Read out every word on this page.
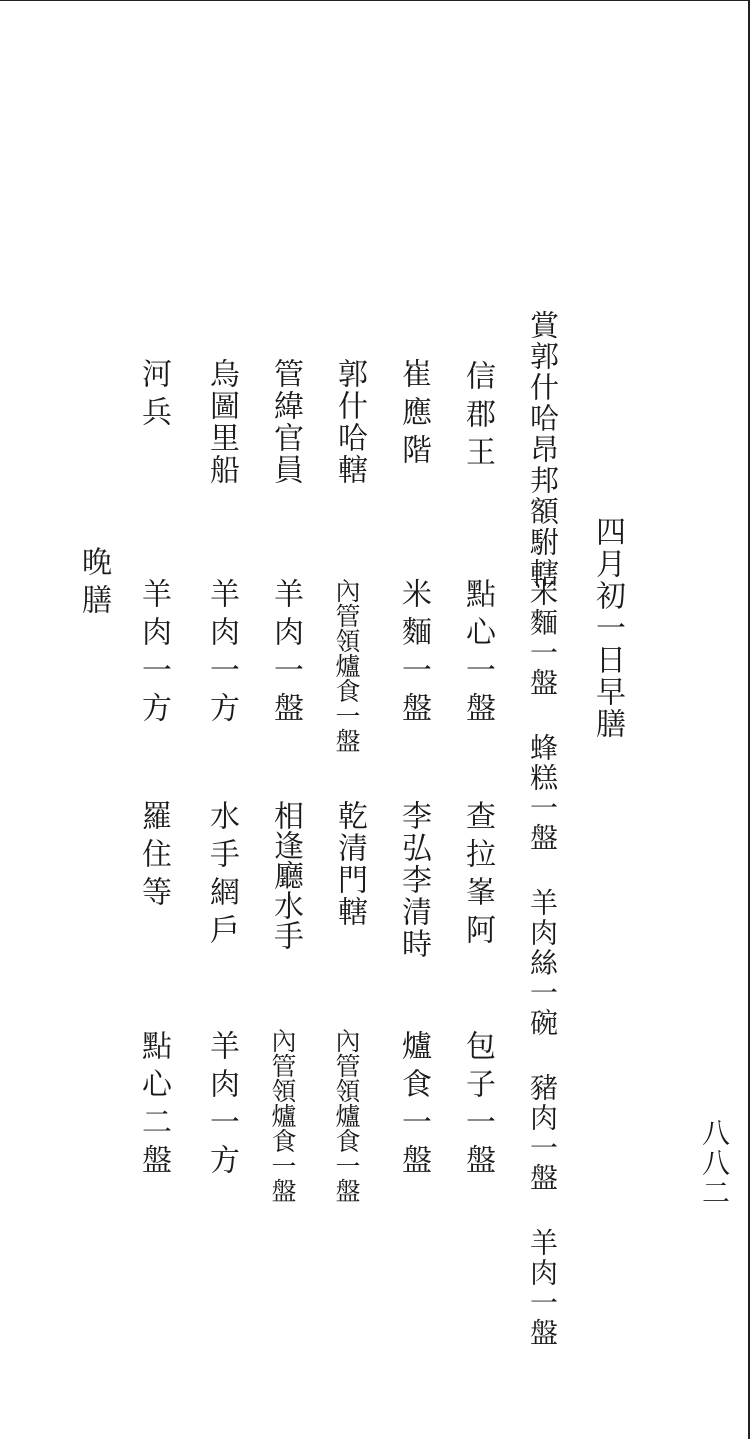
四月初一日早膳
賞郭什哈昂邦額駙轄
米麵一盤 蜂糕一盤 羊肉絲一碗 豬肉一盤 羊肉一盤
信郡王
點心一盤
查拉峯阿
包子一盤
崔應階
米麵一盤
李弘李清時
爐食一盤
郭什哈轄
內管領爐食一盤
乾清門轄
內管領爐食一盤
管緯官員
羊肉一盤
相逢廳水手
內管領爐食一盤
烏圖里船
羊肉一方
水手網戶
羊肉一方
河兵
羊肉一方
羅住等
點心二盤
晚膳
八八二
